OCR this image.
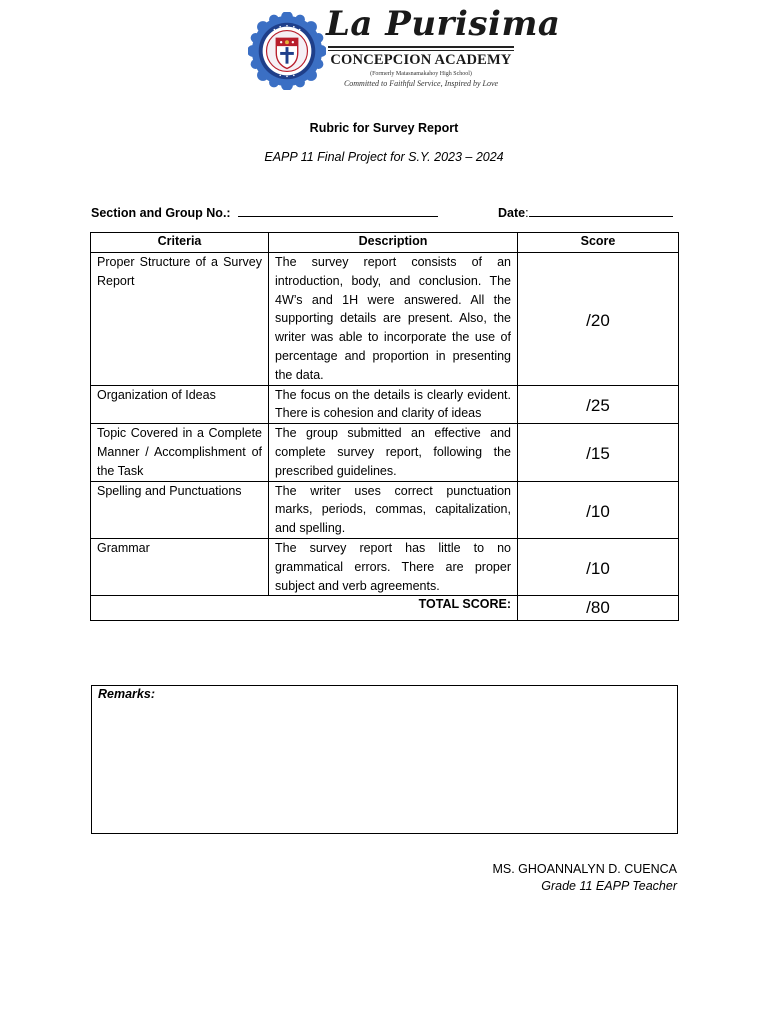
La Purisima
CONCEPCION ACADEMY
(Formerly Matasnamakahoy High School)
Committed to Faithful Service, Inspired by Love
Rubric for Survey Report
EAPP 11 Final Project for S.Y. 2023 – 2024
Section and Group No.:	Date:
Criteria	Description	Score
Proper Structure of a Survey Report	The survey report consists of an introduction, body, and conclusion. The 4W’s and 1H were answered. All the supporting details are present. Also, the writer was able to incorporate the use of percentage and proportion in presenting the data.	/20
Organization of Ideas	The focus on the details is clearly evident. There is cohesion and clarity of ideas	/25
Topic Covered in a Complete Manner / Accomplishment of the Task	The group submitted an effective and complete survey report, following the prescribed guidelines.	/15
Spelling and Punctuations	The writer uses correct punctuation marks, periods, commas, capitalization, and spelling.	/10
Grammar	The survey report has little to no grammatical errors. There are proper subject and verb agreements.	/10
TOTAL SCORE:		/80
Remarks:
MS. GHOANNALYN D. CUENCA
Grade 11 EAPP Teacher
